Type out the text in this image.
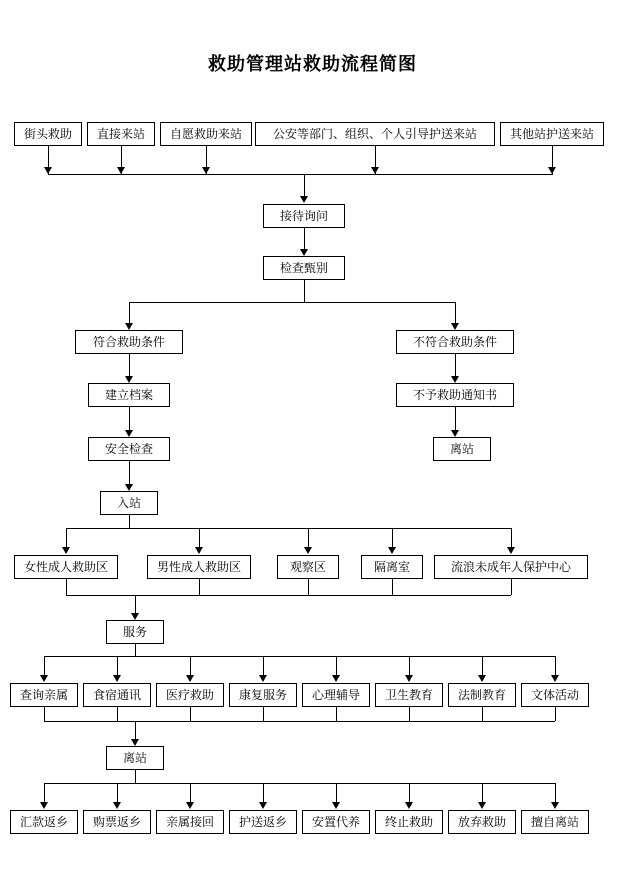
救助管理站救助流程简图
街头救助	直接来站	自愿救助来站	公安等部门、组织、个人引导护送来站	其他站护送来站
接待询问
检查甄别
符合救助条件
建立档案
安全检查
入站
不符合救助条件
不予救助通知书
离站
女性成人救助区	男性成人救助区	观察区	隔离室	流浪未成年人保护中心
服务
查询亲属	食宿通讯	医疗救助	康复服务	心理辅导	卫生教育	法制教育	文体活动
离站
汇款返乡	购票返乡	亲属接回	护送返乡	安置代养	终止救助	放弃救助	擅自离站
